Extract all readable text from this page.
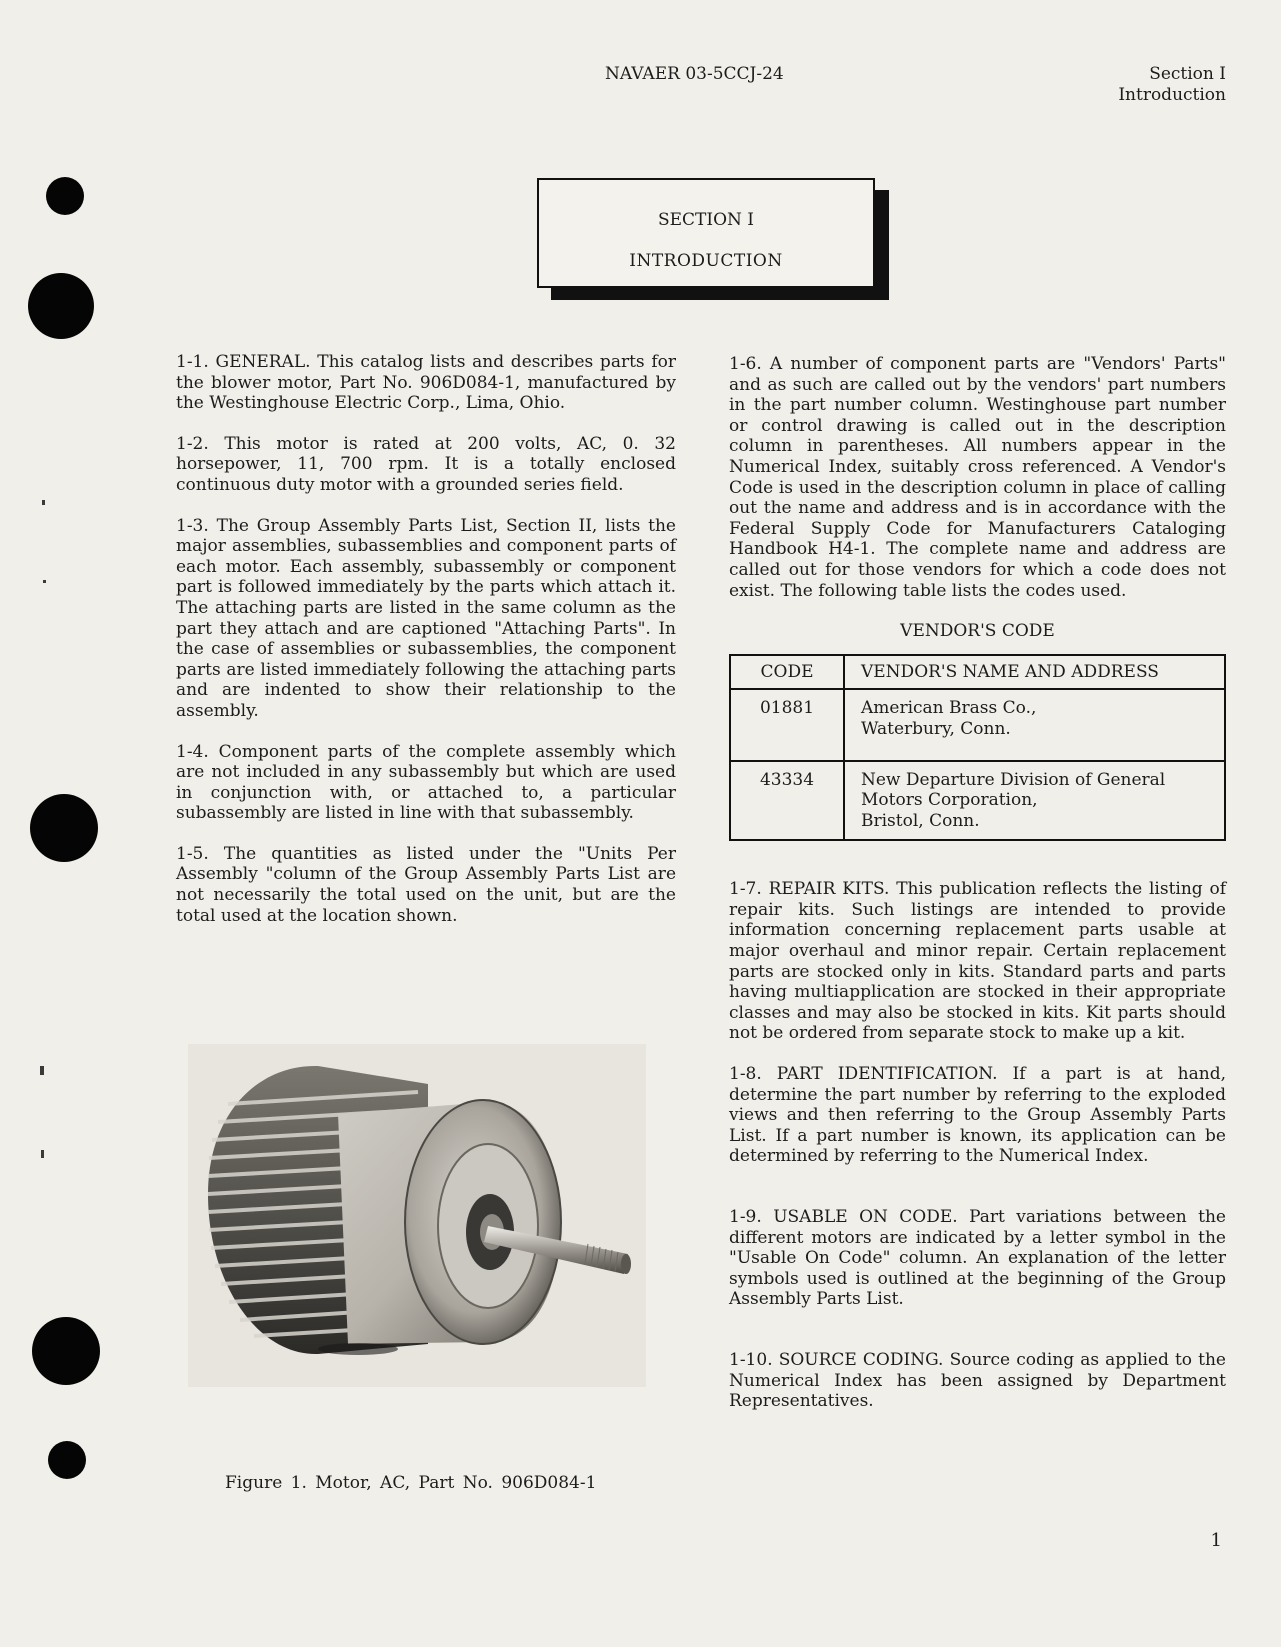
NAVAER 03-5CCJ-24	Section I
Introduction
SECTION I
INTRODUCTION

1-1. GENERAL. This catalog lists and describes parts for the blower motor, Part No. 906D084-1, manufactured by the Westinghouse Electric Corp., Lima, Ohio.

1-2. This motor is rated at 200 volts, AC, 0. 32 horsepower, 11, 700 rpm. It is a totally enclosed continuous duty motor with a grounded series field.

1-3. The Group Assembly Parts List, Section II, lists the major assemblies, subassemblies and component parts of each motor. Each assembly, subassembly or component part is followed immediately by the parts which attach it. The attaching parts are listed in the same column as the part they attach and are captioned "Attaching Parts". In the case of assemblies or subassemblies, the component parts are listed immediately following the attaching parts and are indented to show their relationship to the assembly.

1-4. Component parts of the complete assembly which are not included in any subassembly but which are used in conjunction with, or attached to, a particular subassembly are listed in line with that subassembly.

1-5. The quantities as listed under the "Units Per Assembly "column of the Group Assembly Parts List are not necessarily the total used on the unit, but are the total used at the location shown.

1-6. A number of component parts are "Vendors' Parts" and as such are called out by the vendors' part numbers in the part number column. Westinghouse part number or control drawing is called out in the description column in parentheses. All numbers appear in the Numerical Index, suitably cross referenced. A Vendor's Code is used in the description column in place of calling out the name and address and is in accordance with the Federal Supply Code for Manufacturers Cataloging Handbook H4-1. The complete name and address are called out for those vendors for which a code does not exist. The following table lists the codes used.

VENDOR'S CODE
CODE	VENDOR'S NAME AND ADDRESS
01881	American Brass Co.,
Waterbury, Conn.

43334	New Departure Division of General
Motors Corporation,
Bristol, Conn.

1-7. REPAIR KITS. This publication reflects the listing of repair kits. Such listings are intended to provide information concerning replacement parts usable at major overhaul and minor repair. Certain replacement parts are stocked only in kits. Standard parts and parts having multiapplication are stocked in their appropriate classes and may also be stocked in kits. Kit parts should not be ordered from separate stock to make up a kit.

1-8. PART IDENTIFICATION. If a part is at hand, determine the part number by referring to the exploded views and then referring to the Group Assembly Parts List. If a part number is known, its application can be determined by referring to the Numerical Index.

1-9. USABLE ON CODE. Part variations between the different motors are indicated by a letter symbol in the "Usable On Code" column. An explanation of the letter symbols used is outlined at the beginning of the Group Assembly Parts List.

1-10. SOURCE CODING. Source coding as applied to the Numerical Index has been assigned by Department Representatives.

Figure 1. Motor, AC, Part No. 906D084-1
1
